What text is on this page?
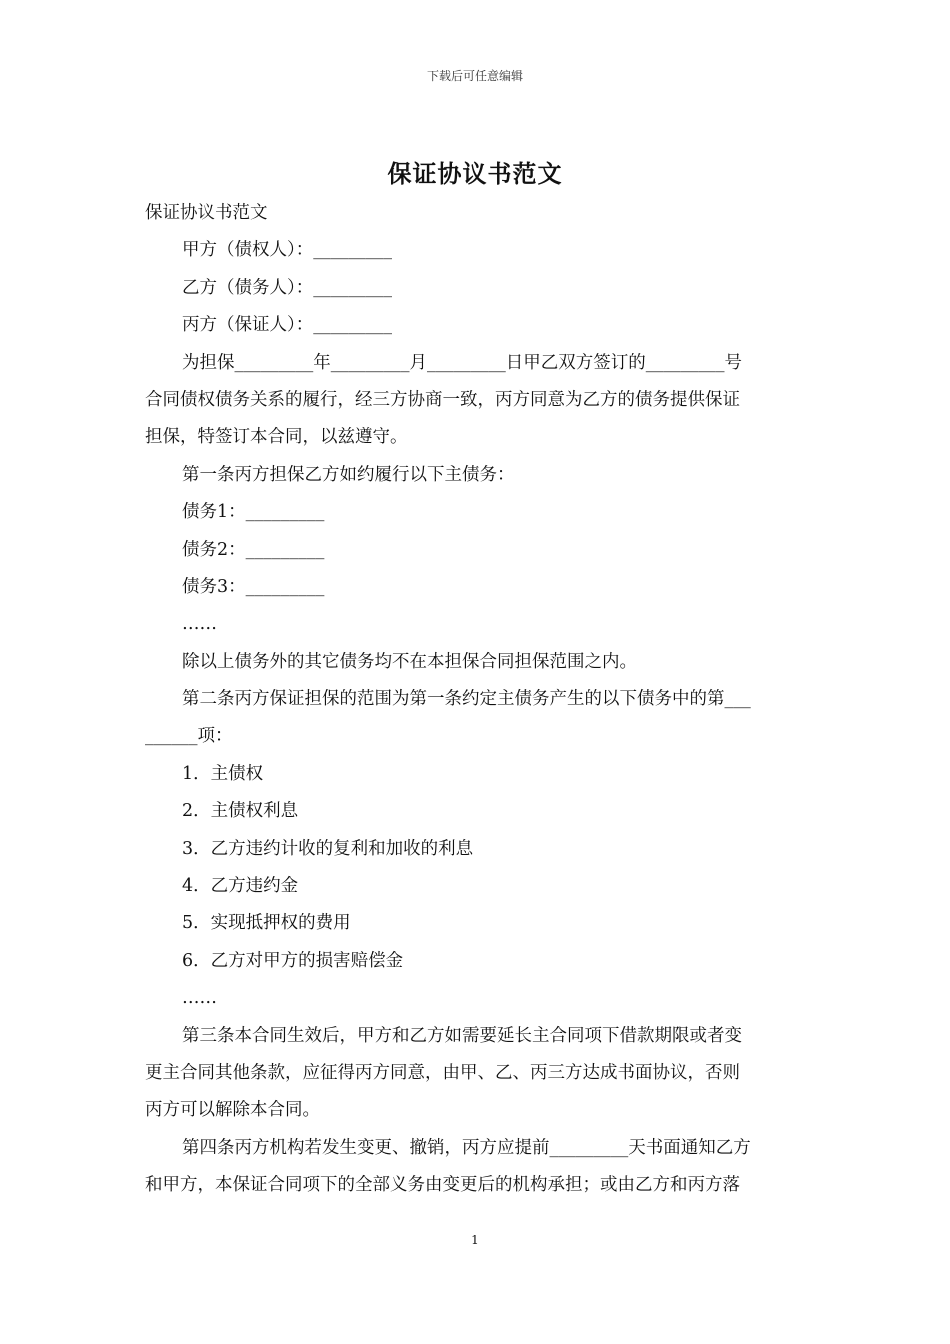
下载后可任意编辑
保证协议书范文
保证协议书范文
甲方（债权人）：_________
乙方（债务人）：_________
丙方（保证人）：_________
为担保_________年_________月_________日甲乙双方签订的_________号
合同债权债务关系的履行，经三方协商一致，丙方同意为乙方的债务提供保证
担保，特签订本合同，以兹遵守。
第一条丙方担保乙方如约履行以下主债务：
债务1：_________
债务2：_________
债务3：_________
……
除以上债务外的其它债务均不在本担保合同担保范围之内。
第二条丙方保证担保的范围为第一条约定主债务产生的以下债务中的第___
______项：
1．主债权
2．主债权利息
3．乙方违约计收的复利和加收的利息
4．乙方违约金
5．实现抵押权的费用
6．乙方对甲方的损害赔偿金
……
第三条本合同生效后，甲方和乙方如需要延长主合同项下借款期限或者变
更主合同其他条款，应征得丙方同意，由甲、乙、丙三方达成书面协议，否则
丙方可以解除本合同。
第四条丙方机构若发生变更、撤销，丙方应提前_________天书面通知乙方
和甲方，本保证合同项下的全部义务由变更后的机构承担；或由乙方和丙方落
1
